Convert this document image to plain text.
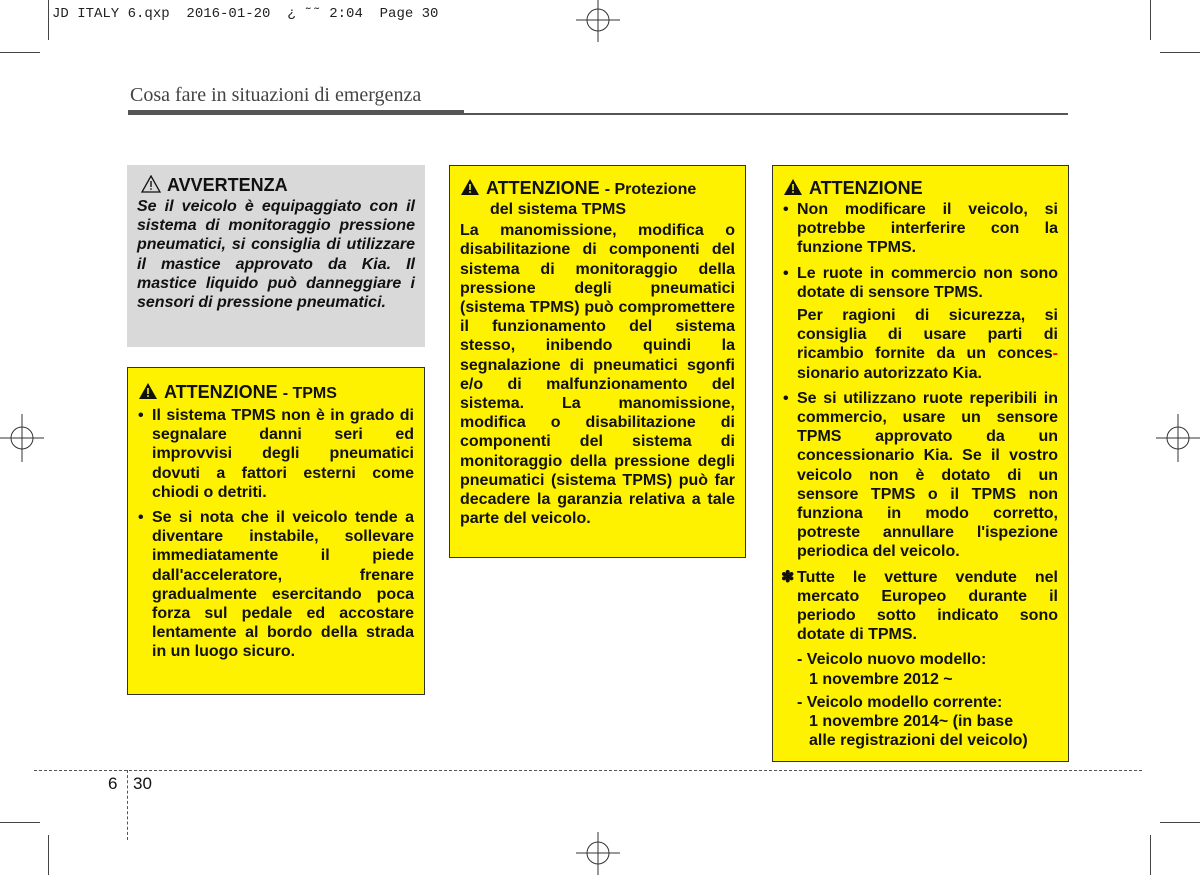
JD ITALY 6.qxp  2016-01-20  ¿ ˜˜ 2:04  Page 30
Cosa fare in situazioni di emergenza
AVVERTENZA
Se il veicolo è equipaggiato con il sistema di monitoraggio pressione pneumatici, si consiglia di utilizzare il mastice approvato da Kia. Il mastice liquido può danneggiare i sensori di pressione pneumatici.
ATTENZIONE - TPMS
• Il sistema TPMS non è in grado di segnalare danni seri ed improvvisi degli pneumatici dovuti a fattori esterni come chiodi o detriti.
• Se si nota che il veicolo tende a diventare instabile, sollevare immediatamente il piede dall'acceleratore, frenare gradualmente esercitando poca forza sul pedale ed accostare lentamente al bordo della strada in un luogo sicuro.
ATTENZIONE - Protezione
del sistema TPMS
La manomissione, modifica o disabilitazione di componenti del sistema di monitoraggio della pressione degli pneumatici (sistema TPMS) può compromettere il funzionamento del sistema stesso, inibendo quindi la segnalazione di pneumatici sgonfi e/o di malfunzionamento del sistema. La manomissione, modifica o disabilitazione di componenti del sistema di monitoraggio della pressione degli pneumatici (sistema TPMS) può far decadere la garanzia relativa a tale parte del veicolo.
ATTENZIONE
• Non modificare il veicolo, si potrebbe interferire con la funzione TPMS.
• Le ruote in commercio non sono dotate di sensore TPMS.
Per ragioni di sicurezza, si consiglia di usare parti di ricambio fornite da un conces- sionario autorizzato Kia.
• Se si utilizzano ruote reperibili in commercio, usare un sensore TPMS approvato da un concessionario Kia. Se il vostro veicolo non è dotato di un sensore TPMS o il TPMS non funziona in modo corretto, potreste annullare l'ispezione periodica del veicolo.
✽ Tutte le vetture vendute nel mercato Europeo durante il periodo sotto indicato sono dotate di TPMS.
- Veicolo nuovo modello:
1 novembre 2012 ~
- Veicolo modello corrente:
1 novembre 2014~ (in base
alle registrazioni del veicolo)
6 30
